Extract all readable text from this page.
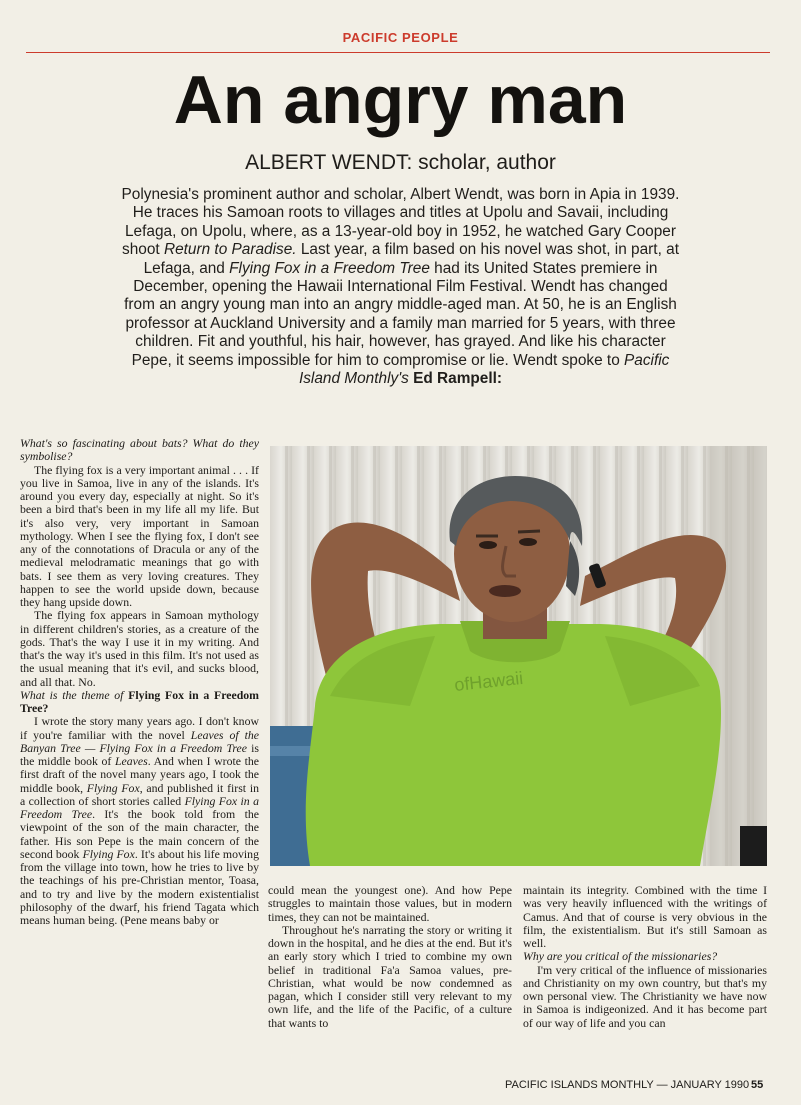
PACIFIC PEOPLE
An angry man
ALBERT WENDT: scholar, author
Polynesia's prominent author and scholar, Albert Wendt, was born in Apia in 1939. He traces his Samoan roots to villages and titles at Upolu and Savaii, including Lefaga, on Upolu, where, as a 13-year-old boy in 1952, he watched Gary Cooper shoot Return to Paradise. Last year, a film based on his novel was shot, in part, at Lefaga, and Flying Fox in a Freedom Tree had its United States premiere in December, opening the Hawaii International Film Festival. Wendt has changed from an angry young man into an angry middle-aged man. At 50, he is an English professor at Auckland University and a family man married for 5 years, with three children. Fit and youthful, his hair, however, has grayed. And like his character Pepe, it seems impossible for him to compromise or lie. Wendt spoke to Pacific Island Monthly's Ed Rampell:

What's so fascinating about bats? What do they symbolise?

The flying fox is a very important animal . . . If you live in Samoa, live in any of the islands. It's around you every day, especially at night. So it's been a bird that's been in my life all my life. But it's also very, very important in Samoan mythology. When I see the flying fox, I don't see any of the connotations of Dracula or any of the medieval melodramatic meanings that go with bats. I see them as very loving creatures. They happen to see the world upside down, because they hang upside down.

The flying fox appears in Samoan mythology in different children's stories, as a creature of the gods. That's the way I use it in my writing. And that's the way it's used in this film. It's not used as the usual meaning that it's evil, and sucks blood, and all that. No.

What is the theme of Flying Fox in a Freedom Tree?

I wrote the story many years ago. I don't know if you're familiar with the novel Leaves of the Banyan Tree — Flying Fox in a Freedom Tree is the middle book of Leaves. And when I wrote the first draft of the novel many years ago, I took the middle book, Flying Fox, and published it first in a collection of short stories called Flying Fox in a Freedom Tree. It's the book told from the viewpoint of the son of the main character, the father. His son Pepe is the main concern of the second book Flying Fox. It's about his life moving from the village into town, how he tries to live by the teachings of his pre-Christian mentor, Toasa, and to try and live by the modern existentialist philosophy of the dwarf, his friend Tagata which means human being. (Pene means baby or

ofHawaii

could mean the youngest one). And how Pepe struggles to maintain those values, but in modern times, they can not be maintained.

Throughout he's narrating the story or writing it down in the hospital, and he dies at the end. But it's an early story which I tried to combine my own belief in traditional Fa'a Samoa values, pre-Christian, what would be now condemned as pagan, which I consider still very relevant to my own life, and the life of the Pacific, of a culture that wants to

maintain its integrity. Combined with the time I was very heavily influenced with the writings of Camus. And that of course is very obvious in the film, the existentialism. But it's still Samoan as well.

Why are you critical of the missionaries?

I'm very critical of the influence of missionaries and Christianity on my own country, but that's my own personal view. The Christianity we have now in Samoa is indigeonized. And it has become part of our way of life and you can

PACIFIC ISLANDS MONTHLY — JANUARY 1990 55
